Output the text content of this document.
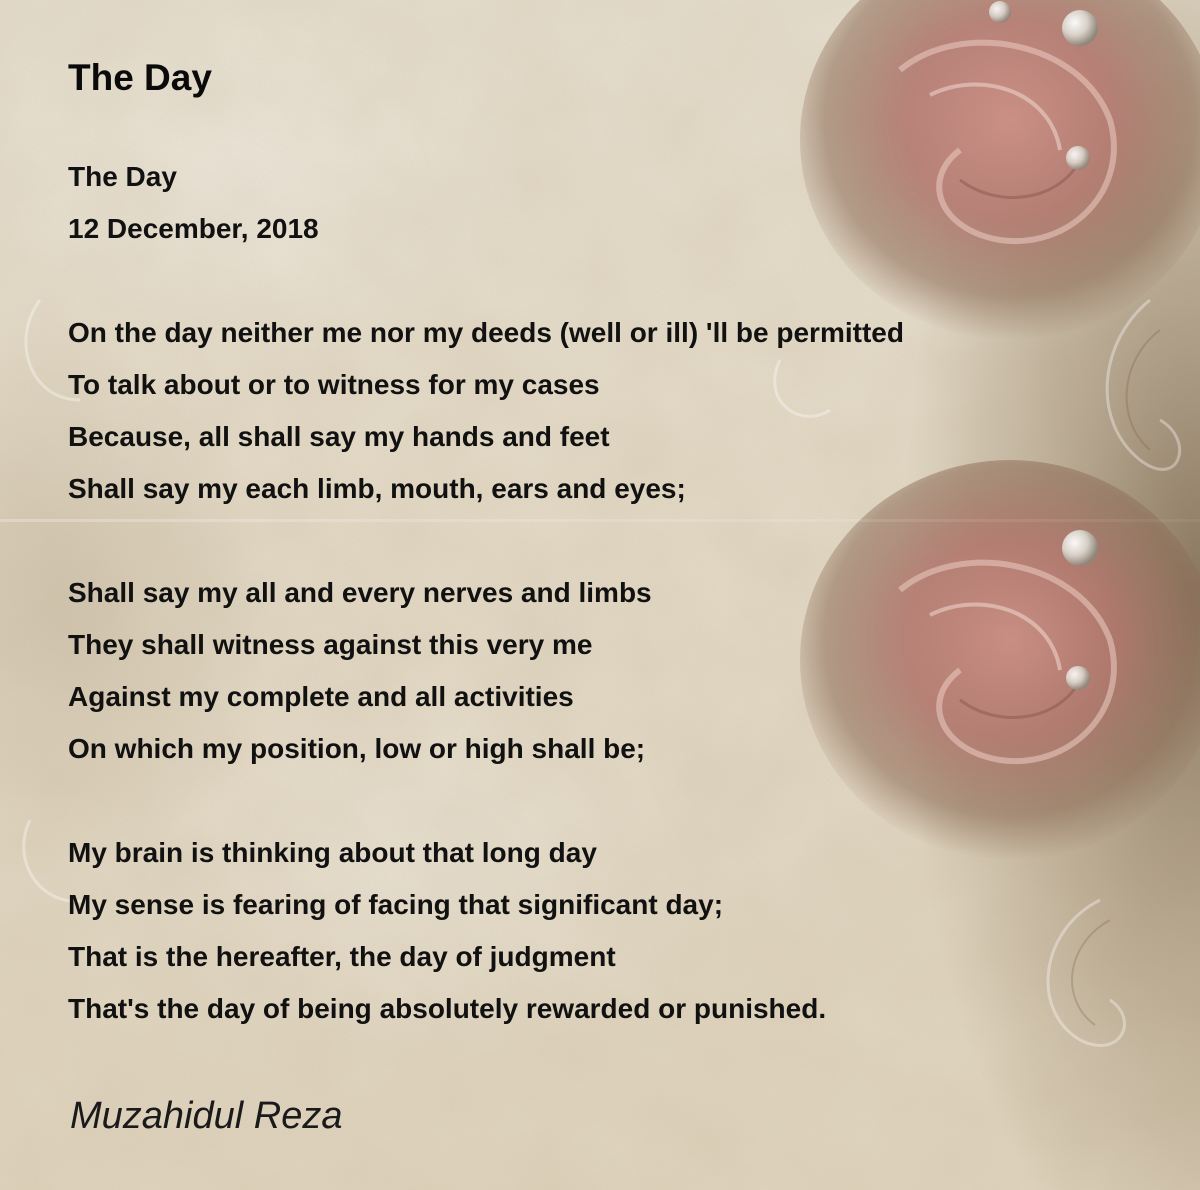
The Day
The Day
12 December, 2018
On the day neither me nor my deeds (well or ill) 'll be permitted
To talk about or to witness for my cases
Because, all shall say my hands and feet
Shall say my each limb, mouth, ears and eyes;
Shall say my all and every nerves and limbs
They shall witness against this very me
Against my complete and all activities
On which my position, low or high shall be;
My brain is thinking about that long day
My sense is fearing of facing that significant day;
That is the hereafter, the day of judgment
That's the day of being absolutely rewarded or punished.
Muzahidul Reza
